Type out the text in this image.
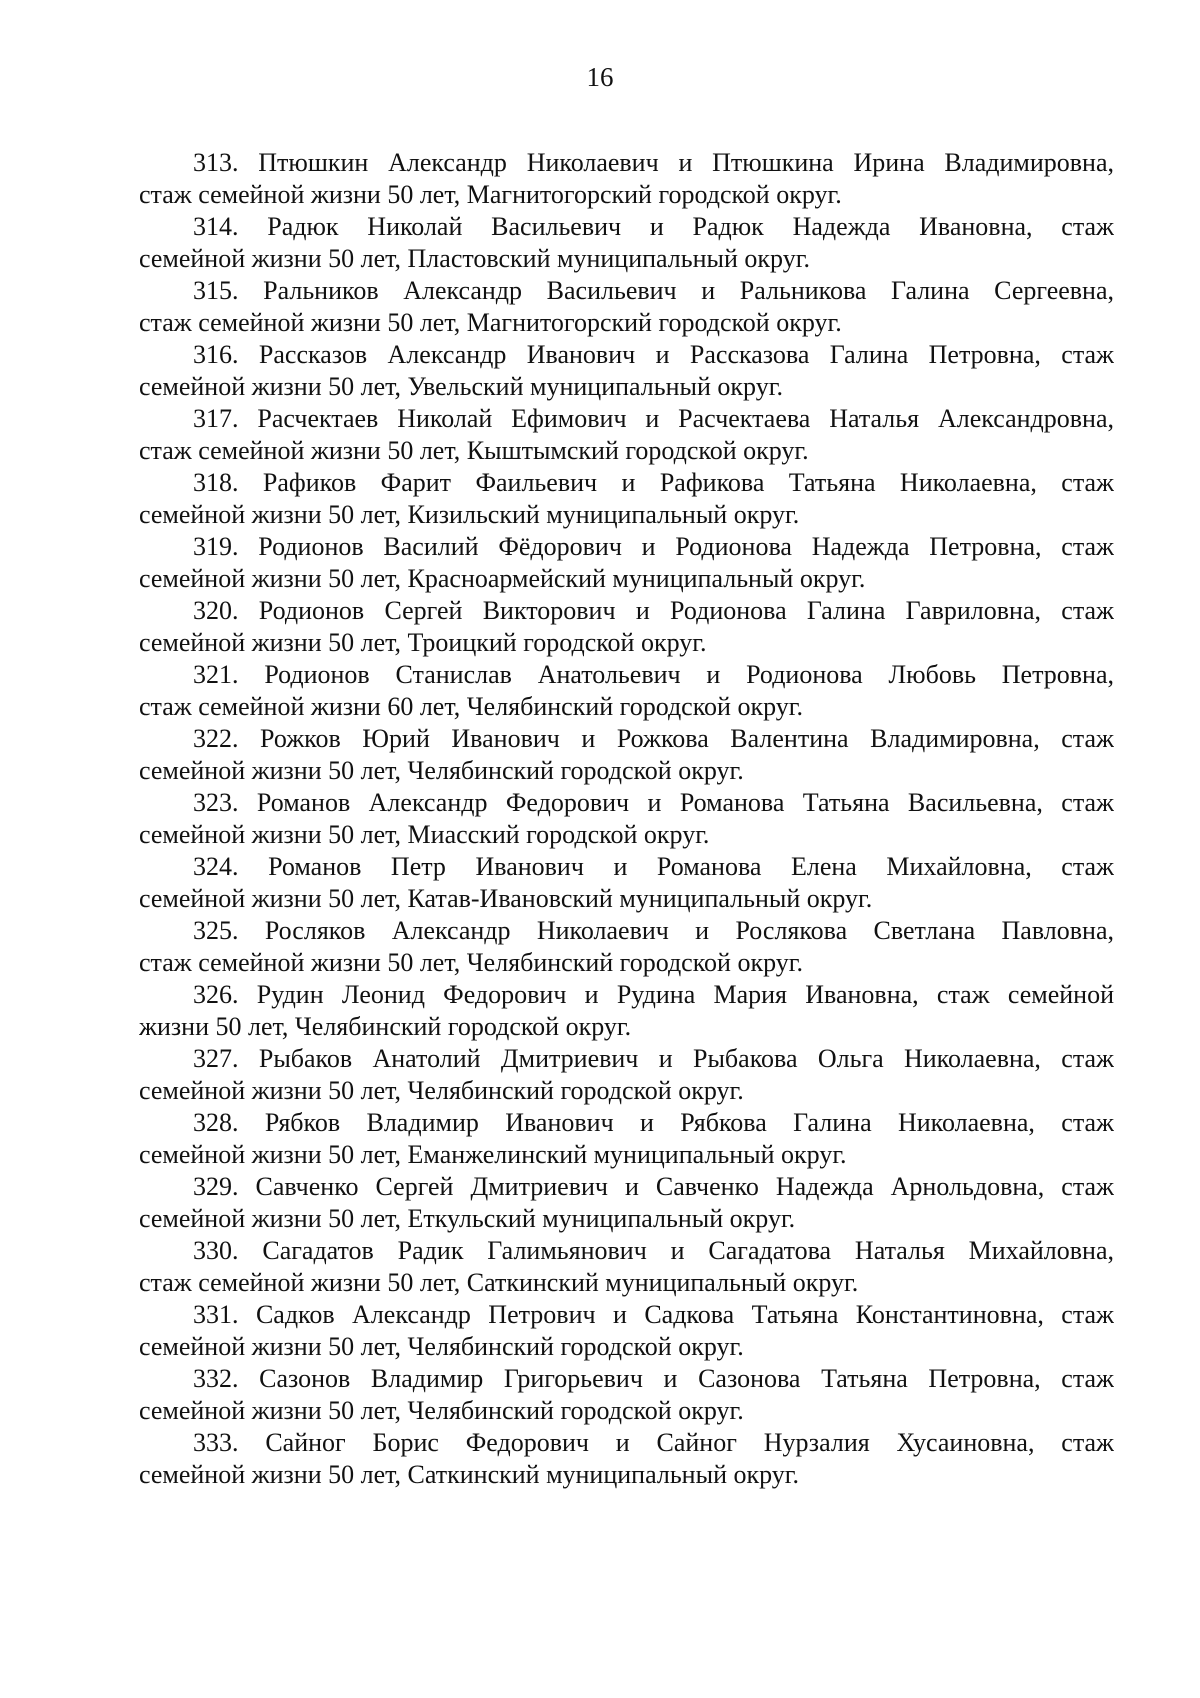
16
313. Птюшкин Александр Николаевич и Птюшкина Ирина Владимировна,
стаж семейной жизни 50 лет, Магнитогорский городской округ.
314. Радюк Николай Васильевич и Радюк Надежда Ивановна, стаж
семейной жизни 50 лет, Пластовский муниципальный округ.
315. Ральников Александр Васильевич и Ральникова Галина Сергеевна,
стаж семейной жизни 50 лет, Магнитогорский городской округ.
316. Рассказов Александр Иванович и Рассказова Галина Петровна, стаж
семейной жизни 50 лет, Увельский муниципальный округ.
317. Расчектаев Николай Ефимович и Расчектаева Наталья Александровна,
стаж семейной жизни 50 лет, Кыштымский городской округ.
318. Рафиков Фарит Фаильевич и Рафикова Татьяна Николаевна, стаж
семейной жизни 50 лет, Кизильский муниципальный округ.
319. Родионов Василий Фёдорович и Родионова Надежда Петровна, стаж
семейной жизни 50 лет, Красноармейский муниципальный округ.
320. Родионов Сергей Викторович и Родионова Галина Гавриловна, стаж
семейной жизни 50 лет, Троицкий городской округ.
321. Родионов Станислав Анатольевич и Родионова Любовь Петровна,
стаж семейной жизни 60 лет, Челябинский городской округ.
322. Рожков Юрий Иванович и Рожкова Валентина Владимировна, стаж
семейной жизни 50 лет, Челябинский городской округ.
323. Романов Александр Федорович и Романова Татьяна Васильевна, стаж
семейной жизни 50 лет, Миасский городской округ.
324. Романов Петр Иванович и Романова Елена Михайловна, стаж
семейной жизни 50 лет, Катав-Ивановский муниципальный округ.
325. Росляков Александр Николаевич и Рослякова Светлана Павловна,
стаж семейной жизни 50 лет, Челябинский городской округ.
326. Рудин Леонид Федорович и Рудина Мария Ивановна, стаж семейной
жизни 50 лет, Челябинский городской округ.
327. Рыбаков Анатолий Дмитриевич и Рыбакова Ольга Николаевна, стаж
семейной жизни 50 лет, Челябинский городской округ.
328. Рябков Владимир Иванович и Рябкова Галина Николаевна, стаж
семейной жизни 50 лет, Еманжелинский муниципальный округ.
329. Савченко Сергей Дмитриевич и Савченко Надежда Арнольдовна, стаж
семейной жизни 50 лет, Еткульский муниципальный округ.
330. Сагадатов Радик Галимьянович и Сагадатова Наталья Михайловна,
стаж семейной жизни 50 лет, Саткинский муниципальный округ.
331. Садков Александр Петрович и Садкова Татьяна Константиновна, стаж
семейной жизни 50 лет, Челябинский городской округ.
332. Сазонов Владимир Григорьевич и Сазонова Татьяна Петровна, стаж
семейной жизни 50 лет, Челябинский городской округ.
333. Сайног Борис Федорович и Сайног Нурзалия Хусаиновна, стаж
семейной жизни 50 лет, Саткинский муниципальный округ.
